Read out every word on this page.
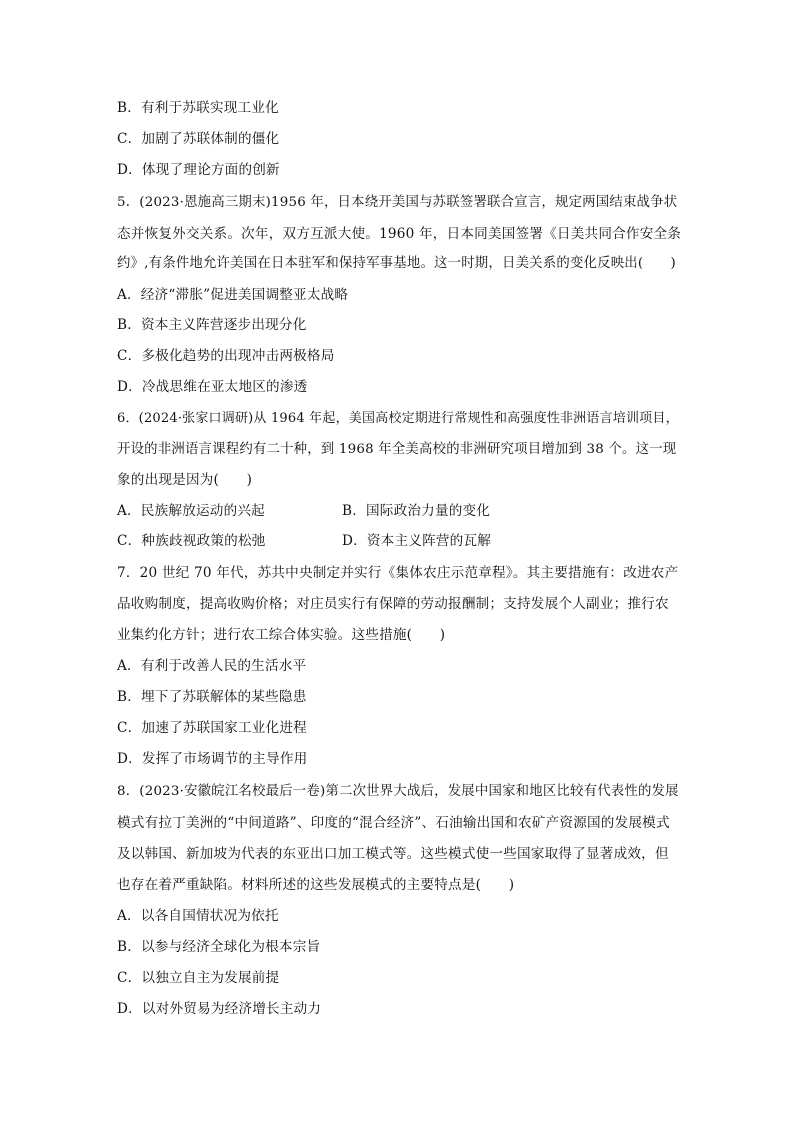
B．有利于苏联实现工业化
C．加剧了苏联体制的僵化
D．体现了理论方面的创新
5．(2023·恩施高三期末)1956 年，日本绕开美国与苏联签署联合宣言，规定两国结束战争状
态并恢复外交关系。次年，双方互派大使。1960 年，日本同美国签署《日美共同合作安全条
约》,有条件地允许美国在日本驻军和保持军事基地。这一时期，日美关系的变化反映出(　　)
A．经济“滞胀”促进美国调整亚太战略
B．资本主义阵营逐步出现分化
C．多极化趋势的出现冲击两极格局
D．冷战思维在亚太地区的渗透
6．(2024·张家口调研)从 1964 年起，美国高校定期进行常规性和高强度性非洲语言培训项目，
开设的非洲语言课程约有二十种，到 1968 年全美高校的非洲研究项目增加到 38 个。这一现
象的出现是因为(　　)
A．民族解放运动的兴起	B．国际政治力量的变化
C．种族歧视政策的松弛	D．资本主义阵营的瓦解
7．20 世纪 70 年代，苏共中央制定并实行《集体农庄示范章程》。其主要措施有：改进农产
品收购制度，提高收购价格；对庄员实行有保障的劳动报酬制；支持发展个人副业；推行农
业集约化方针；进行农工综合体实验。这些措施(　　)
A．有利于改善人民的生活水平
B．埋下了苏联解体的某些隐患
C．加速了苏联国家工业化进程
D．发挥了市场调节的主导作用
8．(2023·安徽皖江名校最后一卷)第二次世界大战后，发展中国家和地区比较有代表性的发展
模式有拉丁美洲的“中间道路”、印度的“混合经济”、石油输出国和农矿产资源国的发展模式
及以韩国、新加坡为代表的东亚出口加工模式等。这些模式使一些国家取得了显著成效，但
也存在着严重缺陷。材料所述的这些发展模式的主要特点是(　　)
A．以各自国情状况为依托
B．以参与经济全球化为根本宗旨
C．以独立自主为发展前提
D．以对外贸易为经济增长主动力
